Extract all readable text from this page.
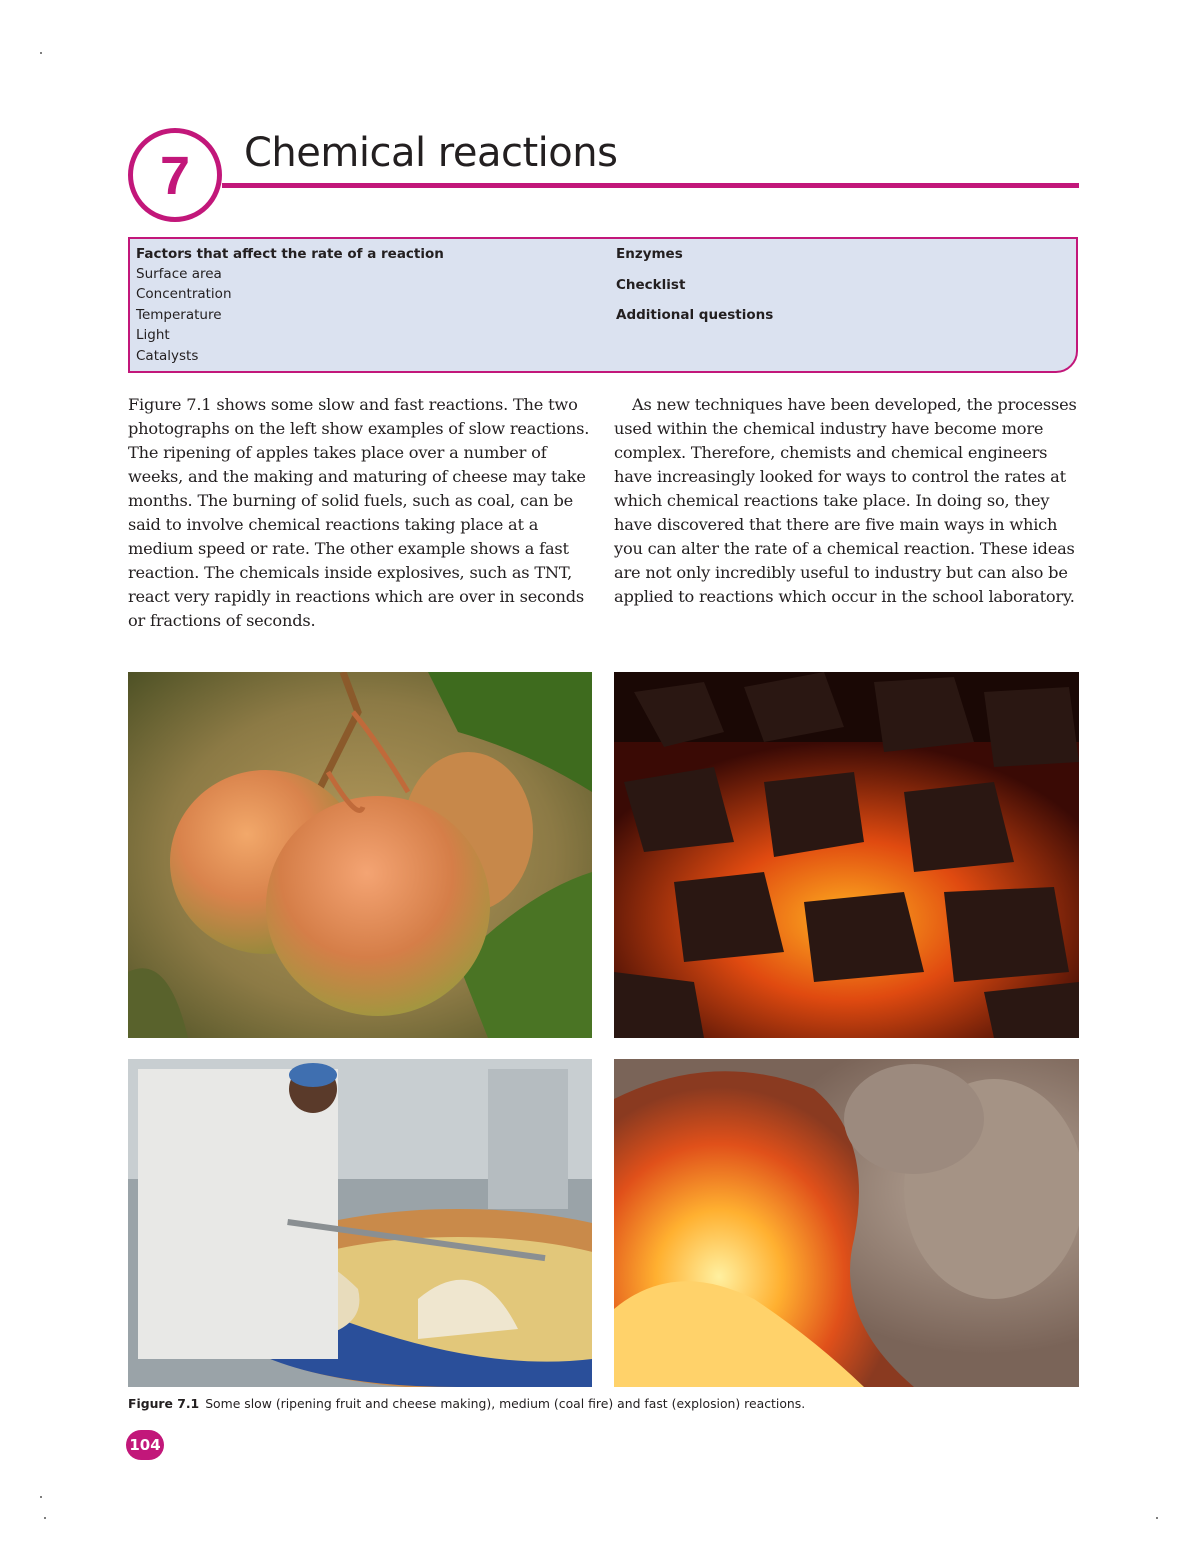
7	Chemical reactions
Factors that affect the rate of a reaction
Surface area
Concentration
Temperature
Light
Catalysts
Enzymes
Checklist
Additional questions
Figure 7.1 shows some slow and fast reactions. The two photographs on the left show examples of slow reactions. The ripening of apples takes place over a number of weeks, and the making and maturing of cheese may take months. The burning of solid fuels, such as coal, can be said to involve chemical reactions taking place at a medium speed or rate. The other example shows a fast reaction. The chemicals inside explosives, such as TNT, react very rapidly in reactions which are over in seconds or fractions of seconds.
As new techniques have been developed, the processes used within the chemical industry have become more complex. Therefore, chemists and chemical engineers have increasingly looked for ways to control the rates at which chemical reactions take place. In doing so, they have discovered that there are five main ways in which you can alter the rate of a chemical reaction. These ideas are not only incredibly useful to industry but can also be applied to reactions which occur in the school laboratory.
Figure 7.1 Some slow (ripening fruit and cheese making), medium (coal fire) and fast (explosion) reactions.
104
